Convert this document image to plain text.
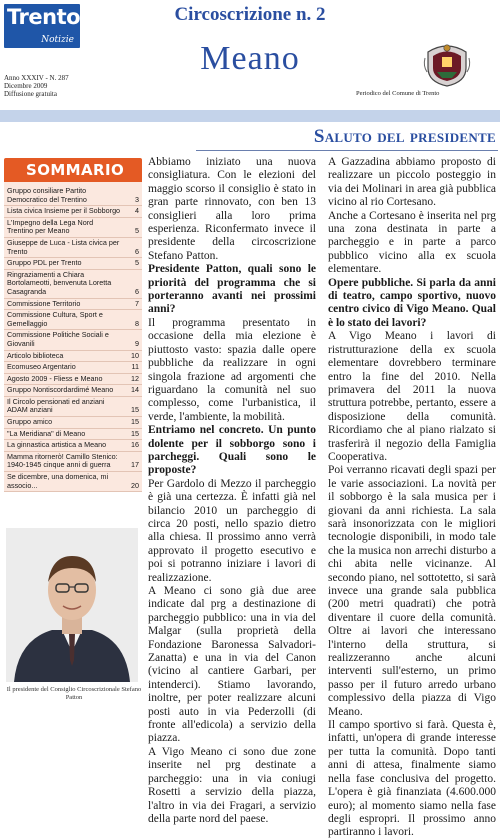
Trento
Notizie
Anno XXXIV - N. 287
Dicembre 2009
Diffusione gratuita
Circoscrizione n. 2
Meano
Periodico del Comune di Trento
Saluto del presidente
SOMMARIO
Gruppo consiliare Partito Democratico del Trentino	3
Lista civica Insieme per il Sobborgo	4
L'Impegno della Lega Nord Trentino per Meano	5
Giuseppe de Luca - Lista civica per Trento	6
Gruppo PDL per Trento	5
Ringraziamenti a Chiara Bortolameotti, benvenuta Loretta Casagranda	6
Commissione Territorio	7
Commissione Cultura, Sport e Gemellaggio	8
Commissione Politiche Sociali e Giovanili	9
Articolo biblioteca	10
Ecomuseo Argentario	11
Agosto 2009 - Fliess e Meano	12
Gruppo Nontiscordardimé Meano	14
Il Circolo pensionati ed anziani ADAM anziani	15
Gruppo amico	15
"La Meridiana" di Meano	15
La ginnastica artistica a Meano	16
Mamma ritornerò! Camillo Stenico: 1940-1945 cinque anni di guerra	17
Se dicembre, una domenica, mi associo...	20
Il presidente del Consiglio Circoscrizionale Stefano Patton

Abbiamo iniziato una nuova consigliatura. Con le elezioni del maggio scorso il consiglio è stato in gran parte rinnovato, con ben 13 consiglieri alla loro prima esperienza. Riconfermato invece il presidente della circoscrizione Stefano Patton.

Presidente Patton, quali sono le priorità del programma che si porteranno avanti nei prossimi anni?

Il programma presentato in occasione della mia elezione è piuttosto vasto: spazia dalle opere pubbliche da realizzare in ogni singola frazione ad argomenti che riguardano la comunità nel suo complesso, come l'urbanistica, il verde, l'ambiente, la mobilità.

Entriamo nel concreto. Un punto dolente per il sobborgo sono i parcheggi. Quali sono le proposte?

Per Gardolo di Mezzo il parcheggio è già una certezza. È infatti già nel bilancio 2010 un parcheggio di circa 20 posti, nello spazio dietro alla chiesa. Il prossimo anno verrà approvato il progetto esecutivo e poi si potranno iniziare i lavori di realizzazione.

A Meano ci sono già due aree indicate dal prg a destinazione di parcheggio pubblico: una in via del Malgar (sulla proprietà della Fondazione Baronessa Salvadori-Zanatta) e una in via del Canon (vicino al cantiere Garbari, per intenderci). Stiamo lavorando, inoltre, per poter realizzare alcuni posti auto in via Pederzolli (di fronte all'edicola) a servizio della piazza.

A Vigo Meano ci sono due zone inserite nel prg destinate a parcheggio: una in via coniugi Rosetti a servizio della piazza, l'altro in via dei Fragari, a servizio della parte nord del paese.

A Gazzadina abbiamo proposto di realizzare un piccolo posteggio in via dei Molinari in area già pubblica vicino al rio Cortesano.

Anche a Cortesano è inserita nel prg una zona destinata in parte a parcheggio e in parte a parco pubblico vicino alla ex scuola elementare.

Opere pubbliche. Si parla da anni di teatro, campo sportivo, nuovo centro civico di Vigo Meano. Qual è lo stato dei lavori?

A Vigo Meano i lavori di ristrutturazione della ex scuola elementare dovrebbero terminare entro la fine del 2010. Nella primavera del 2011 la nuova struttura potrebbe, pertanto, essere a disposizione della comunità. Ricordiamo che al piano rialzato si trasferirà il negozio della Famiglia Cooperativa.

Poi verranno ricavati degli spazi per le varie associazioni. La novità per il sobborgo è la sala musica per i giovani da anni richiesta. La sala sarà insonorizzata con le migliori tecnologie disponibili, in modo tale che la musica non arrechi disturbo a chi abita nelle vicinanze. Al secondo piano, nel sottotetto, si sarà invece una grande sala pubblica (200 metri quadrati) che potrà diventare il cuore della comunità. Oltre ai lavori che interessano l'interno della struttura, si realizzeranno anche alcuni interventi sull'esterno, un primo passo per il futuro arredo urbano complessivo della piazza di Vigo Meano.

Il campo sportivo si farà. Questa è, infatti, un'opera di grande interesse per tutta la comunità. Dopo tanti anni di attesa, finalmente siamo nella fase conclusiva del progetto. L'opera è già finanziata (4.600.000 euro); al momento siamo nella fase degli espropri. Il prossimo anno partiranno i lavori.
